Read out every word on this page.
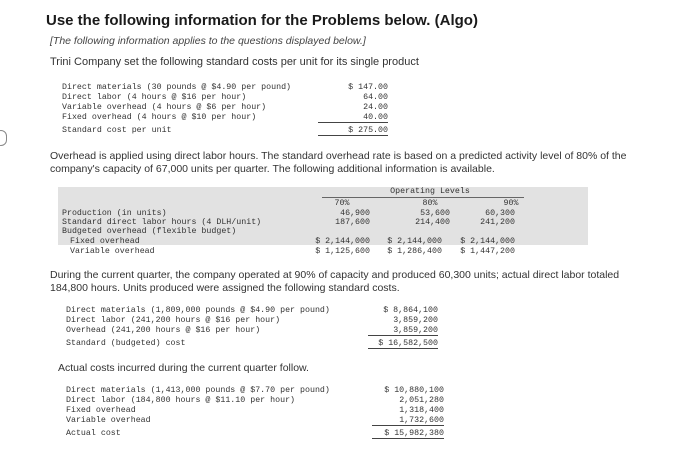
Use the following information for the Problems below. (Algo)
[The following information applies to the questions displayed below.]
Trini Company set the following standard costs per unit for its single product
Direct materials (30 pounds @ $4.90 per pound)	$ 147.00
Direct labor (4 hours @ $16 per hour)	64.00
Variable overhead (4 hours @ $6 per hour)	24.00
Fixed overhead (4 hours @ $10 per hour)	40.00
Standard cost per unit	$ 275.00
Overhead is applied using direct labor hours. The standard overhead rate is based on a predicted activity level of 80% of the company's capacity of 67,000 units per quarter. The following additional information is available.
Operating Levels
70%	80%	90%
Production (in units)	46,900	53,600	60,300
Standard direct labor hours (4 DLH/unit)	187,600	214,400	241,200
Budgeted overhead (flexible budget)
Fixed overhead	$ 2,144,000	$ 2,144,000	$ 2,144,000
Variable overhead	$ 1,125,600	$ 1,286,400	$ 1,447,200
During the current quarter, the company operated at 90% of capacity and produced 60,300 units; actual direct labor totaled 184,800 hours. Units produced were assigned the following standard costs.
Direct materials (1,809,000 pounds @ $4.90 per pound)	$ 8,864,100
Direct labor (241,200 hours @ $16 per hour)	3,859,200
Overhead (241,200 hours @ $16 per hour)	3,859,200
Standard (budgeted) cost	$ 16,582,500
Actual costs incurred during the current quarter follow.
Direct materials (1,413,000 pounds @ $7.70 per pound)	$ 10,880,100
Direct labor (184,800 hours @ $11.10 per hour)	2,051,280
Fixed overhead	1,318,400
Variable overhead	1,732,600
Actual cost	$ 15,982,380
